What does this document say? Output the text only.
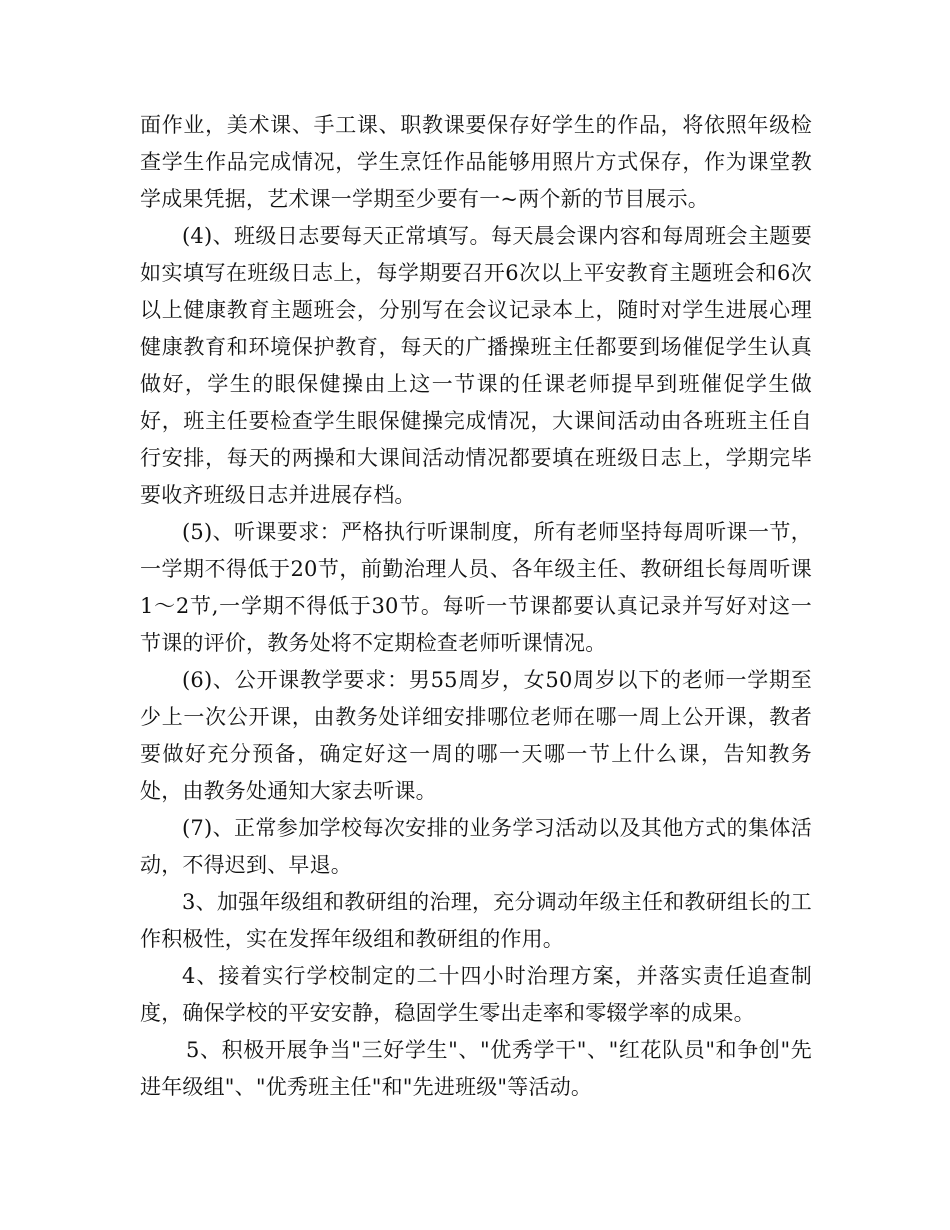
面作业，美术课、手工课、职教课要保存好学生的作品，将依照年级检查学生作品完成情况，学生烹饪作品能够用照片方式保存，作为课堂教学成果凭据，艺术课一学期至少要有一~两个新的节目展示。

(4)、班级日志要每天正常填写。每天晨会课内容和每周班会主题要如实填写在班级日志上，每学期要召开6次以上平安教育主题班会和6次以上健康教育主题班会，分别写在会议记录本上，随时对学生进展心理健康教育和环境保护教育，每天的广播操班主任都要到场催促学生认真做好，学生的眼保健操由上这一节课的任课老师提早到班催促学生做好，班主任要检查学生眼保健操完成情况，大课间活动由各班班主任自行安排，每天的两操和大课间活动情况都要填在班级日志上，学期完毕要收齐班级日志并进展存档。

(5)、听课要求：严格执行听课制度，所有老师坚持每周听课一节，一学期不得低于20节，前勤治理人员、各年级主任、教研组长每周听课1～2节,一学期不得低于30节。每听一节课都要认真记录并写好对这一节课的评价，教务处将不定期检查老师听课情况。

(6)、公开课教学要求：男55周岁，女50周岁以下的老师一学期至少上一次公开课，由教务处详细安排哪位老师在哪一周上公开课，教者要做好充分预备，确定好这一周的哪一天哪一节上什么课，告知教务处，由教务处通知大家去听课。

(7)、正常参加学校每次安排的业务学习活动以及其他方式的集体活动，不得迟到、早退。

3、加强年级组和教研组的治理，充分调动年级主任和教研组长的工作积极性，实在发挥年级组和教研组的作用。

4、接着实行学校制定的二十四小时治理方案，并落实责任追查制度，确保学校的平安安静，稳固学生零出走率和零辍学率的成果。

5、积极开展争当"三好学生"、"优秀学干"、"红花队员"和争创"先进年级组"、"优秀班主任"和"先进班级"等活动。
